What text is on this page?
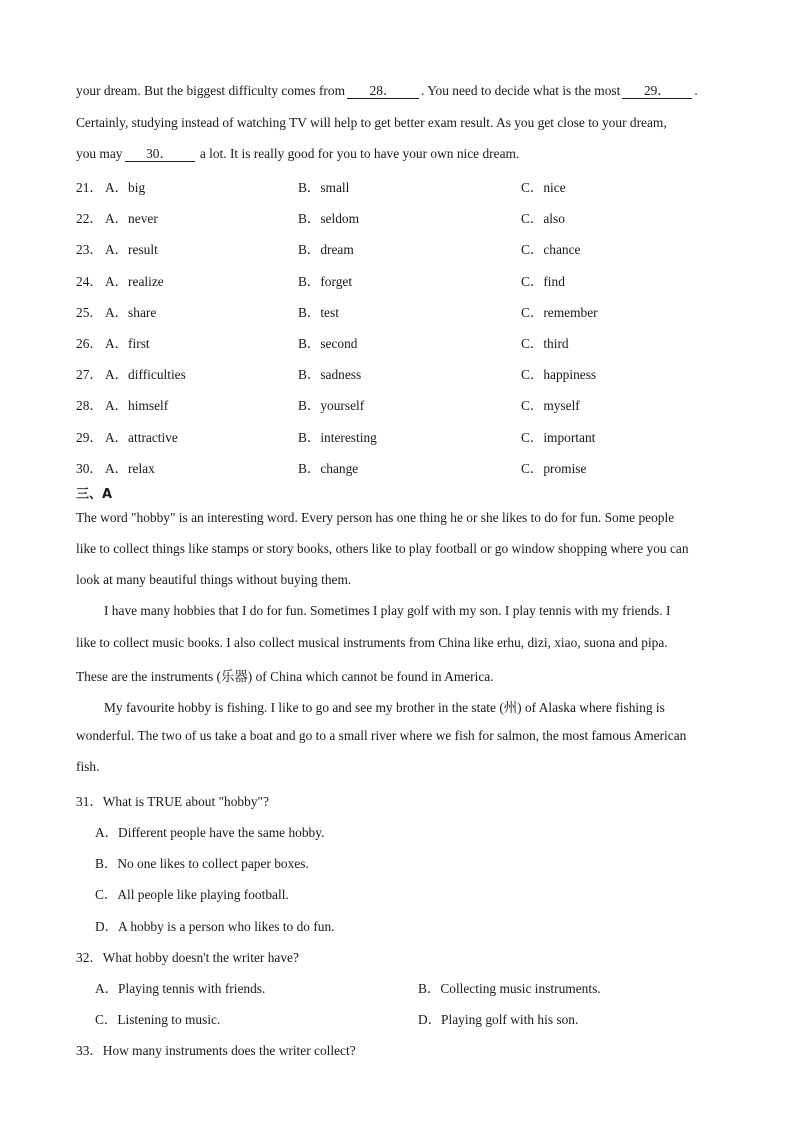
your dream. But the biggest difficulty comes from 28． . You need to decide what is the most 29． .
Certainly, studying instead of watching TV will help to get better exam result. As you get close to your dream,
you may 30． a lot. It is really good for you to have your own nice dream.
21． A．big	B．small	C．nice
22． A．never	B．seldom	C．also
23． A．result	B．dream	C．chance
24． A．realize	B．forget	C．find
25． A．share	B．test	C．remember
26． A．first	B．second	C．third
27． A．difficulties	B．sadness	C．happiness
28． A．himself	B．yourself	C．myself
29． A．attractive	B．interesting	C．important
30． A．relax	B．change	C．promise
三、A
The word "hobby" is an interesting word. Every person has one thing he or she likes to do for fun. Some people
like to collect things like stamps or story books, others like to play football or go window shopping where you can
look at many beautiful things without buying them.
I have many hobbies that I do for fun. Sometimes I play golf with my son. I play tennis with my friends. I
like to collect music books. I also collect musical instruments from China like erhu, dizi, xiao, suona and pipa.
These are the instruments (乐器) of China which cannot be found in America.
My favourite hobby is fishing. I like to go and see my brother in the state (州) of Alaska where fishing is
wonderful. The two of us take a boat and go to a small river where we fish for salmon, the most famous American
fish.
31．What is TRUE about "hobby"?
A．Different people have the same hobby.
B．No one likes to collect paper boxes.
C．All people like playing football.
D．A hobby is a person who likes to do fun.
32．What hobby doesn't the writer have?
A．Playing tennis with friends.	B．Collecting music instruments.
C．Listening to music.	D．Playing golf with his son.
33．How many instruments does the writer collect?
